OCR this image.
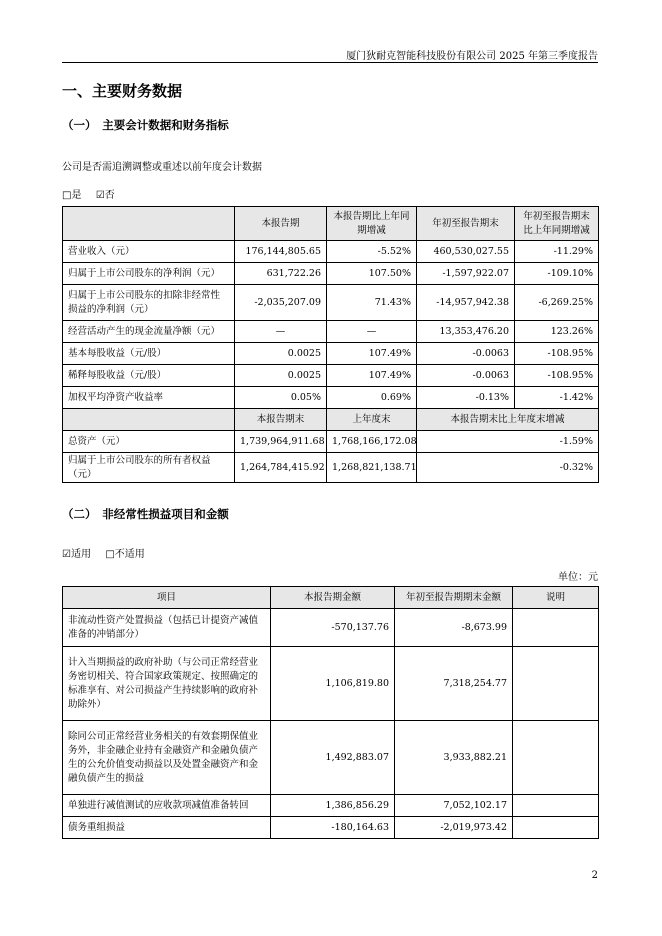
厦门狄耐克智能科技股份有限公司 2025 年第三季度报告
一、主要财务数据
（一）　主要会计数据和财务指标
公司是否需追溯调整或重述以前年度会计数据
□是 ☑否
	本报告期	本报告期比上年同期增减	年初至报告期末	年初至报告期末比上年同期增减
营业收入（元）	176,144,805.65	-5.52%	460,530,027.55	-11.29%
归属于上市公司股东的净利润（元）	631,722.26	107.50%	-1,597,922.07	-109.10%
归属于上市公司股东的扣除非经常性损益的净利润（元）	-2,035,207.09	71.43%	-14,957,942.38	-6,269.25%
经营活动产生的现金流量净额（元）	—	—	13,353,476.20	123.26%
基本每股收益（元/股）	0.0025	107.49%	-0.0063	-108.95%
稀释每股收益（元/股）	0.0025	107.49%	-0.0063	-108.95%
加权平均净资产收益率	0.05%	0.69%	-0.13%	-1.42%
	本报告期末	上年度末	本报告期末比上年度末增减	
总资产（元）	1,739,964,911.68	1,768,166,172.08	-1.59%	
归属于上市公司股东的所有者权益（元）	1,264,784,415.92	1,268,821,138.71	-0.32%	
（二）　非经常性损益项目和金额
☑适用 □不适用
单位：元
项目	本报告期金额	年初至报告期期末金额	说明
非流动性资产处置损益（包括已计提资产减值准备的冲销部分）	-570,137.76	-8,673.99	
计入当期损益的政府补助（与公司正常经营业务密切相关、符合国家政策规定、按照确定的标准享有、对公司损益产生持续影响的政府补助除外）	1,106,819.80	7,318,254.77	
除同公司正常经营业务相关的有效套期保值业务外，非金融企业持有金融资产和金融负债产生的公允价值变动损益以及处置金融资产和金融负债产生的损益	1,492,883.07	3,933,882.21	
单独进行减值测试的应收款项减值准备转回	1,386,856.29	7,052,102.17	
债务重组损益	-180,164.63	-2,019,973.42	
2
